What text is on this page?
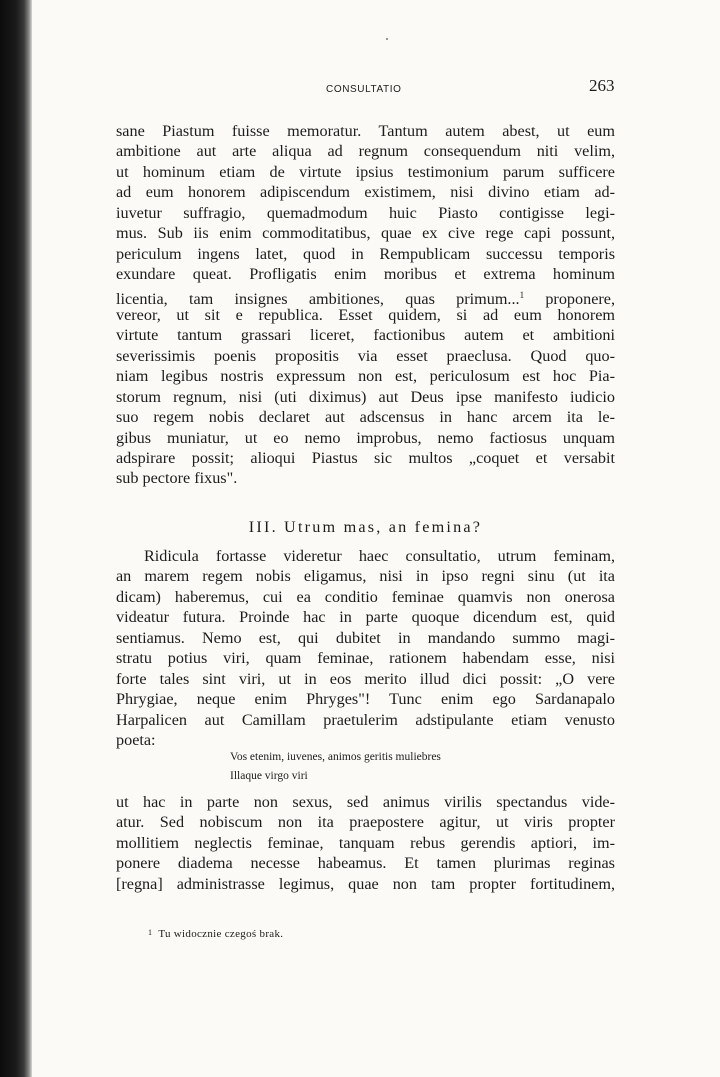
CONSULTATIO	263
sane Piastum fuisse memoratur. Tantum autem abest, ut eum
ambitione aut arte aliqua ad regnum consequendum niti velim,
ut hominum etiam de virtute ipsius testimonium parum sufficere
ad eum honorem adipiscendum existimem, nisi divino etiam ad-
iuvetur suffragio, quemadmodum huic Piasto contigisse legi-
mus. Sub iis enim commoditatibus, quae ex cive rege capi possunt,
periculum ingens latet, quod in Rempublicam successu temporis
exundare queat. Profligatis enim moribus et extrema hominum
licentia, tam insignes ambitiones, quas primum...$^1$ proponere,
vereor, ut sit e republica. Esset quidem, si ad eum honorem
virtute tantum grassari liceret, factionibus autem et ambitioni
severissimis poenis propositis via esset praeclusa. Quod quo-
niam legibus nostris expressum non est, periculosum est hoc Pia-
storum regnum, nisi (uti diximus) aut Deus ipse manifesto iudicio
suo regem nobis declaret aut adscensus in hanc arcem ita le-
gibus muniatur, ut eo nemo improbus, nemo factiosus unquam
adspirare possit; alioqui Piastus sic multos „coquet et versabit
sub pectore fixus".
III. Utrum mas, an femina?
Ridicula fortasse videretur haec consultatio, utrum feminam,
an marem regem nobis eligamus, nisi in ipso regni sinu (ut ita
dicam) haberemus, cui ea conditio feminae quamvis non onerosa
videatur futura. Proinde hac in parte quoque dicendum est, quid
sentiamus. Nemo est, qui dubitet in mandando summo magi-
stratu potius viri, quam feminae, rationem habendam esse, nisi
forte tales sint viri, ut in eos merito illud dici possit: „O vere
Phrygiae, neque enim Phryges"! Tunc enim ego Sardanapalo
Harpalicen aut Camillam praetulerim adstipulante etiam venusto
poeta:
Vos etenim, iuvenes, animos geritis muliebres
Illaque virgo viri
ut hac in parte non sexus, sed animus virilis spectandus vide-
atur. Sed nobiscum non ita praepostere agitur, ut viris propter
mollitiem neglectis feminae, tanquam rebus gerendis aptiori, im-
ponere diadema necesse habeamus. Et tamen plurimas reginas
[regna] administrasse legimus, quae non tam propter fortitudinem,
1 Tu widocznie czegoś brak.
